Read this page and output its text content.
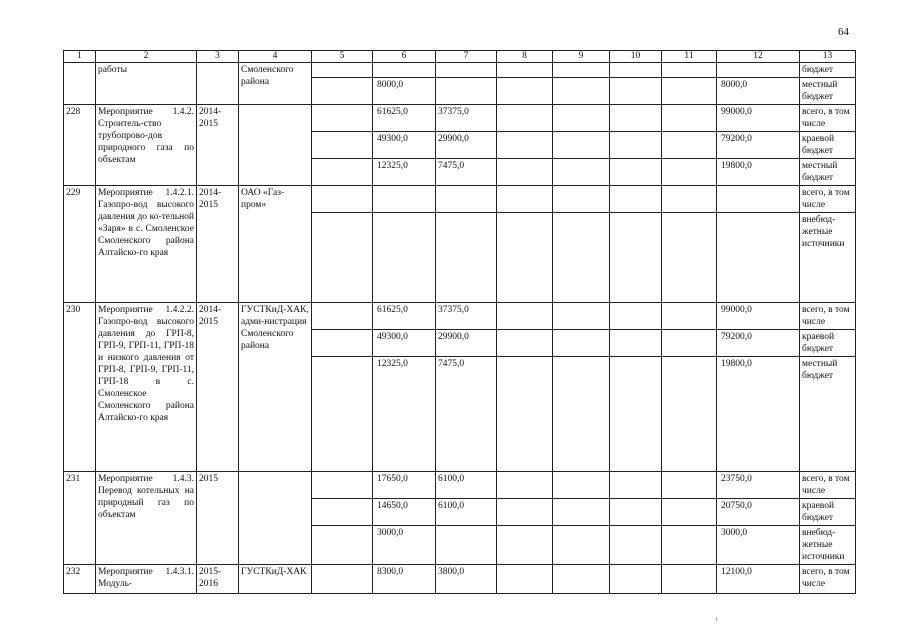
64
1	2	3	4	5	6	7	8	9	10	11	12	13
	работы		Смоленского района									бюджет
					8000,0						8000,0	местный бюджет
228	Мероприятие 1.4.2. Строитель-ство трубопрово-дов природного газа по объектам	2014-2015			61625,0	37375,0					99000,0	всего, в том числе
					49300,0	29900,0					79200,0	краевой бюджет
					12325,0	7475,0					19800,0	местный бюджет
229	Мероприятие 1.4.2.1. Газопро-вод высокого давления до ко-тельной «Заря» в с. Смоленское Смоленского района Алтайско-го края	2014-2015	ОАО «Газ-пром»									всего, в том числе
												внебюд-жетные источники
230	Мероприятие 1.4.2.2. Газопро-вод высокого давления до ГРП-8, ГРП-9, ГРП-11, ГРП-18 и низкого давления от ГРП-8, ГРП-9, ГРП-11, ГРП-18 в с. Смоленское Смоленского района Алтайско-го края	2014-2015	ГУСТКиД-ХАК, адми-нистрация Смоленского района		61625,0	37375,0					99000,0	всего, в том числе
					49300,0	29900,0					79200,0	краевой бюджет
					12325,0	7475,0					19800,0	местный бюджет
231	Мероприятие 1.4.3. Перевод котельных на природный газ по объектам	2015			17650,0	6100,0					23750,0	всего, в том числе
					14650,0	6100,0					20750,0	краевой бюджет
					3000,0						3000,0	внебюд-жетные источники
232	Мероприятие 1.4.3.1. Модуль-	2015-2016	ГУСТКиД-ХАК		8300,0	3800,0					12100,0	всего, в том числе
